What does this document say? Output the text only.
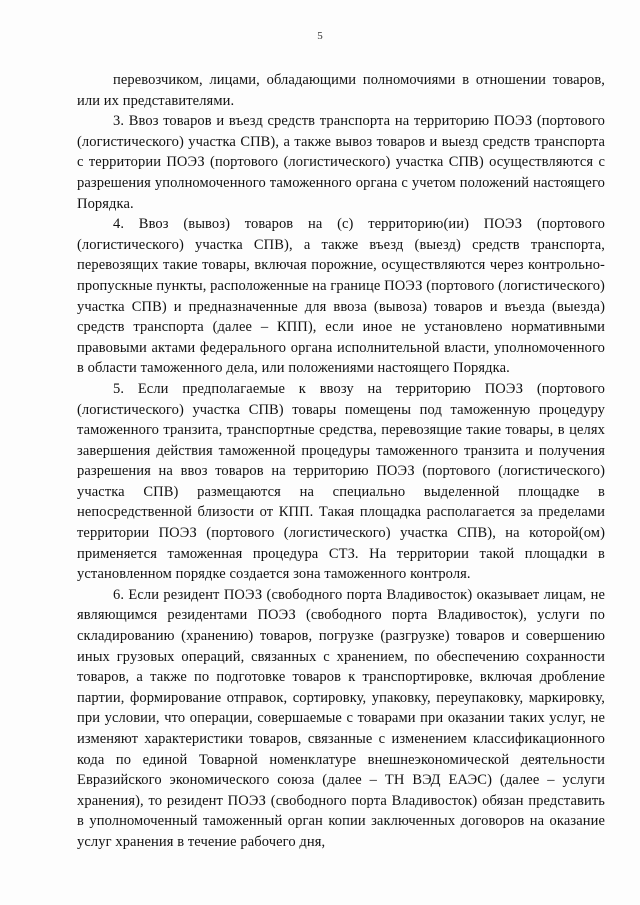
5

перевозчиком, лицами, обладающими полномочиями в отношении товаров, или их представителями.

3. Ввоз товаров и въезд средств транспорта на территорию ПОЭЗ (портового (логистического) участка СПВ), а также вывоз товаров и выезд средств транспорта с территории ПОЭЗ (портового (логистического) участка СПВ) осуществляются с разрешения уполномоченного таможенного органа с учетом положений настоящего Порядка.

4. Ввоз (вывоз) товаров на (с) территорию(ии) ПОЭЗ (портового (логистического) участка СПВ), а также въезд (выезд) средств транспорта, перевозящих такие товары, включая порожние, осуществляются через контрольно-пропускные пункты, расположенные на границе ПОЭЗ (портового (логистического) участка СПВ) и предназначенные для ввоза (вывоза) товаров и въезда (выезда) средств транспорта (далее – КПП), если иное не установлено нормативными правовыми актами федерального органа исполнительной власти, уполномоченного в области таможенного дела, или положениями настоящего Порядка.

5. Если предполагаемые к ввозу на территорию ПОЭЗ (портового (логистического) участка СПВ) товары помещены под таможенную процедуру таможенного транзита, транспортные средства, перевозящие такие товары, в целях завершения действия таможенной процедуры таможенного транзита и получения разрешения на ввоз товаров на территорию ПОЭЗ (портового (логистического) участка СПВ) размещаются на специально выделенной площадке в непосредственной близости от КПП. Такая площадка располагается за пределами территории ПОЭЗ (портового (логистического) участка СПВ), на которой(ом) применяется таможенная процедура СТЗ. На территории такой площадки в установленном порядке создается зона таможенного контроля.

6. Если резидент ПОЭЗ (свободного порта Владивосток) оказывает лицам, не являющимся резидентами ПОЭЗ (свободного порта Владивосток), услуги по складированию (хранению) товаров, погрузке (разгрузке) товаров и совершению иных грузовых операций, связанных с хранением, по обеспечению сохранности товаров, а также по подготовке товаров к транспортировке, включая дробление партии, формирование отправок, сортировку, упаковку, переупаковку, маркировку, при условии, что операции, совершаемые с товарами при оказании таких услуг, не изменяют характеристики товаров, связанные с изменением классификационного кода по единой Товарной номенклатуре внешнеэкономической деятельности Евразийского экономического союза (далее – ТН ВЭД ЕАЭС) (далее – услуги хранения), то резидент ПОЭЗ (свободного порта Владивосток) обязан представить в уполномоченный таможенный орган копии заключенных договоров на оказание услуг хранения в течение рабочего дня,
